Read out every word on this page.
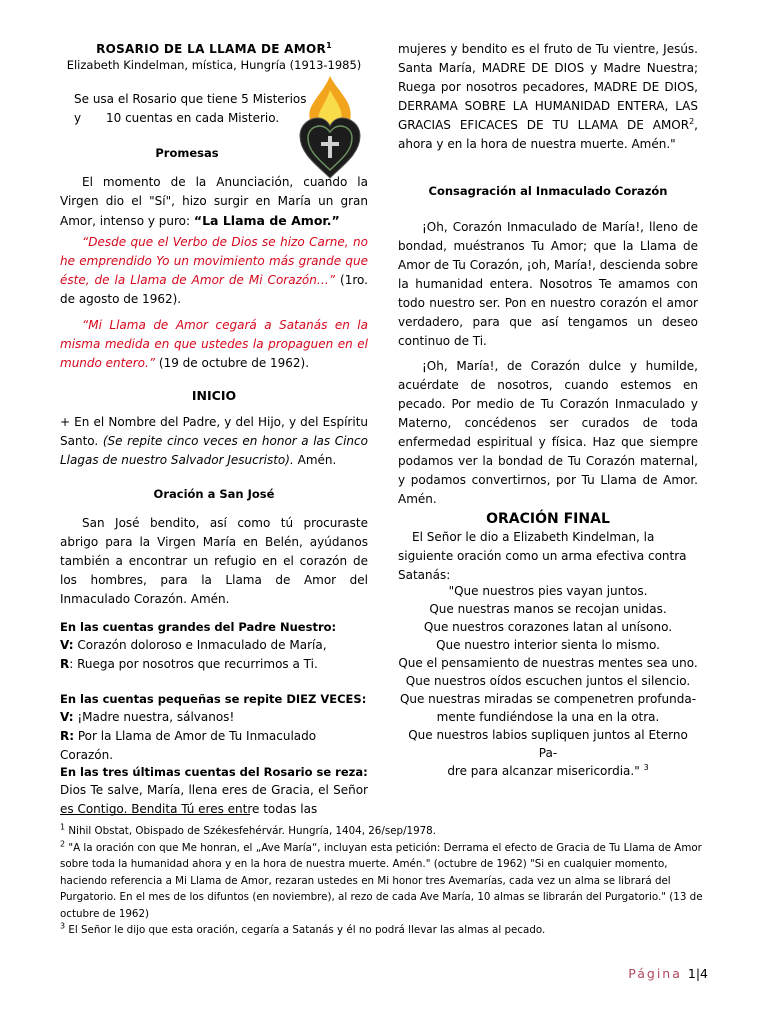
ROSARIO DE LA LLAMA DE AMOR$^1$

Elizabeth Kindelman, mística, Hungría (1913-1985)

Se usa el Rosario que tiene 5 Misterios y	10 cuentas en cada Misterio.

Promesas

El momento de la Anunciación, cuando la Virgen dio el "Sí", hizo surgir en María un gran Amor, intenso y puro: “La Llama de Amor.”

“Desde que el Verbo de Dios se hizo Carne, no he emprendido Yo un movimiento más grande que éste, de la Llama de Amor de Mi Corazón…” (1ro. de agosto de 1962).

“Mi Llama de Amor cegará a Satanás en la misma medida en que ustedes la propaguen en el mundo entero.” (19 de octubre de 1962).

INICIO

+ En el Nombre del Padre, y del Hijo, y del Espíritu Santo. (Se repite cinco veces en honor a las Cinco Llagas de nuestro Salvador Jesucristo). Amén.

Oración a San José

San José bendito, así como tú procuraste abrigo para la Virgen María en Belén, ayúdanos también a encontrar un refugio en el corazón de los hombres, para la Llama de Amor del Inmaculado Corazón. Amén.

En las cuentas grandes del Padre Nuestro:

V: Corazón doloroso e Inmaculado de María,

R: Ruega por nosotros que recurrimos a Ti.

En las cuentas pequeñas se repite DIEZ VECES:

V: ¡Madre nuestra, sálvanos!

R: Por la Llama de Amor de Tu Inmaculado Corazón.

En las tres últimas cuentas del Rosario se reza:

Dios Te salve, María, llena eres de Gracia, el Señor es Contigo. Bendita Tú eres entre todas las

mujeres y bendito es el fruto de Tu vientre, Jesús. Santa María, MADRE DE DIOS y Madre Nuestra; Ruega por nosotros pecadores, MADRE DE DIOS, DERRAMA SOBRE LA HUMANIDAD ENTERA, LAS GRACIAS EFICACES DE TU LLAMA DE AMOR$^2$, ahora y en la hora de nuestra muerte. Amén."

Consagración al Inmaculado Corazón

¡Oh, Corazón Inmaculado de María!, lleno de bondad, muéstranos Tu Amor; que la Llama de Amor de Tu Corazón, ¡oh, María!, descienda sobre la humanidad entera. Nosotros Te amamos con todo nuestro ser. Pon en nuestro corazón el amor verdadero, para que así tengamos un deseo continuo de Ti.

¡Oh, María!, de Corazón dulce y humilde, acuérdate de nosotros, cuando estemos en pecado. Por medio de Tu Corazón Inmaculado y Materno, concédenos ser curados de toda enfermedad espiritual y física. Haz que siempre podamos ver la bondad de Tu Corazón maternal, y podamos convertirnos, por Tu Llama de Amor. Amén.

ORACIÓN FINAL

El Señor le dio a Elizabeth Kindelman, la siguiente oración como un arma efectiva contra Satanás:

"Que nuestros pies vayan juntos.
Que nuestras manos se recojan unidas.
Que nuestros corazones latan al unísono.
Que nuestro interior sienta lo mismo.
Que el pensamiento de nuestras mentes sea uno.
Que nuestros oídos escuchen juntos el silencio.
Que nuestras miradas se compenetren profunda-
mente fundiéndose la una en la otra.
Que nuestros labios supliquen juntos al Eterno Pa-
dre para alcanzar misericordia." $^3$

$^1$ Nihil Obstat, Obispado de Székesfehérvár. Hungría, 1404, 26/sep/1978.

$^2$ "A la oración con que Me honran, el „Ave María“, incluyan esta petición: Derrama el efecto de Gracia de Tu Llama de Amor sobre toda la humanidad ahora y en la hora de nuestra muerte. Amén." (octubre de 1962) "Si en cualquier momento, haciendo referencia a Mi Llama de Amor, rezaran ustedes en Mi honor tres Avemarías, cada vez un alma se librará del Purgatorio. En el mes de los difuntos (en noviembre), al rezo de cada Ave María, 10 almas se librarán del Purgatorio." (13 de octubre de 1962)

$^3$ El Señor le dijo que esta oración, cegaría a Satanás y él no podrá llevar las almas al pecado.

Página 1|4
